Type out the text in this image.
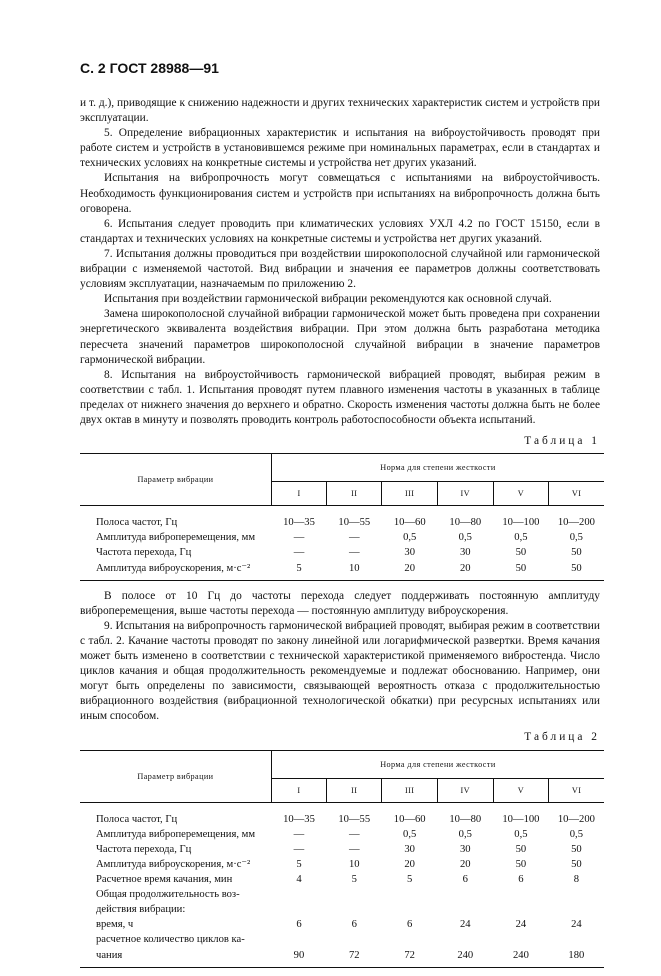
С. 2 ГОСТ 28988—91

и т. д.), приводящие к снижению надежности и других технических характеристик систем и устройств при эксплуатации.

5. Определение вибрационных характеристик и испытания на виброустойчивость проводят при работе систем и устройств в установившемся режиме при номинальных параметрах, если в стандартах и технических условиях на конкретные системы и устройства нет других указаний.

Испытания на вибропрочность могут совмещаться с испытаниями на виброустойчивость. Необходимость функционирования систем и устройств при испытаниях на вибропрочность должна быть оговорена.

6. Испытания следует проводить при климатических условиях УХЛ 4.2 по ГОСТ 15150, если в стандартах и технических условиях на конкретные системы и устройства нет других указаний.

7. Испытания должны проводиться при воздействии широкополосной случайной или гармонической вибрации с изменяемой частотой. Вид вибрации и значения ее параметров должны соответствовать условиям эксплуатации, назначаемым по приложению 2.

Испытания при воздействии гармонической вибрации рекомендуются как основной случай.

Замена широкополосной случайной вибрации гармонической может быть проведена при сохранении энергетического эквивалента воздействия вибрации. При этом должна быть разработана методика пересчета значений параметров широкополосной случайной вибрации в значение параметров гармонической вибрации.

8. Испытания на виброустойчивость гармонической вибрацией проводят, выбирая режим в соответствии с табл. 1. Испытания проводят путем плавного изменения частоты в указанных в таблице пределах от нижнего значения до верхнего и обратно. Скорость изменения частоты должна быть не более двух октав в минуту и позволять проводить контроль работоспособности объекта испытаний.

Таблица 1
Параметр вибрации	Норма для степени жесткости					
	I	II	III	IV	V	VI

Полоса частот, Гц	10—35	10—55	10—60	10—80	10—100	10—200
Амплитуда виброперемещения, мм	—	—	0,5	0,5	0,5	0,5
Частота перехода, Гц	—	—	30	30	50	50
Амплитуда виброускорения, м·с⁻²	5	10	20	20	50	50

В полосе от 10 Гц до частоты перехода следует поддерживать постоянную амплитуду виброперемещения, выше частоты перехода — постоянную амплитуду виброускорения.

9. Испытания на вибропрочность гармонической вибрацией проводят, выбирая режим в соответствии с табл. 2. Качание частоты проводят по закону линейной или логарифмической развертки. Время качания может быть изменено в соответствии с технической характеристикой применяемого вибростенда. Число циклов качания и общая продолжительность рекомендуемые и подлежат обоснованию. Например, они могут быть определены по зависимости, связывающей вероятность отказа с продолжительностью вибрационного воздействия (вибрационной технологической обкатки) при ресурсных испытаниях или иным способом.

Таблица 2
Параметр вибрации	Норма для степени жесткости					
	I	II	III	IV	V	VI

Полоса частот, Гц	10—35	10—55	10—60	10—80	10—100	10—200
Амплитуда виброперемещения, мм	—	—	0,5	0,5	0,5	0,5
Частота перехода, Гц	—	—	30	30	50	50
Амплитуда виброускорения, м·с⁻²	5	10	20	20	50	50
Расчетное время качания, мин	4	5	5	6	6	8
Общая продолжительность воз-						
действия вибрации:						
время, ч	6	6	6	24	24	24
расчетное количество циклов ка-						
чания	90	72	72	240	240	180
